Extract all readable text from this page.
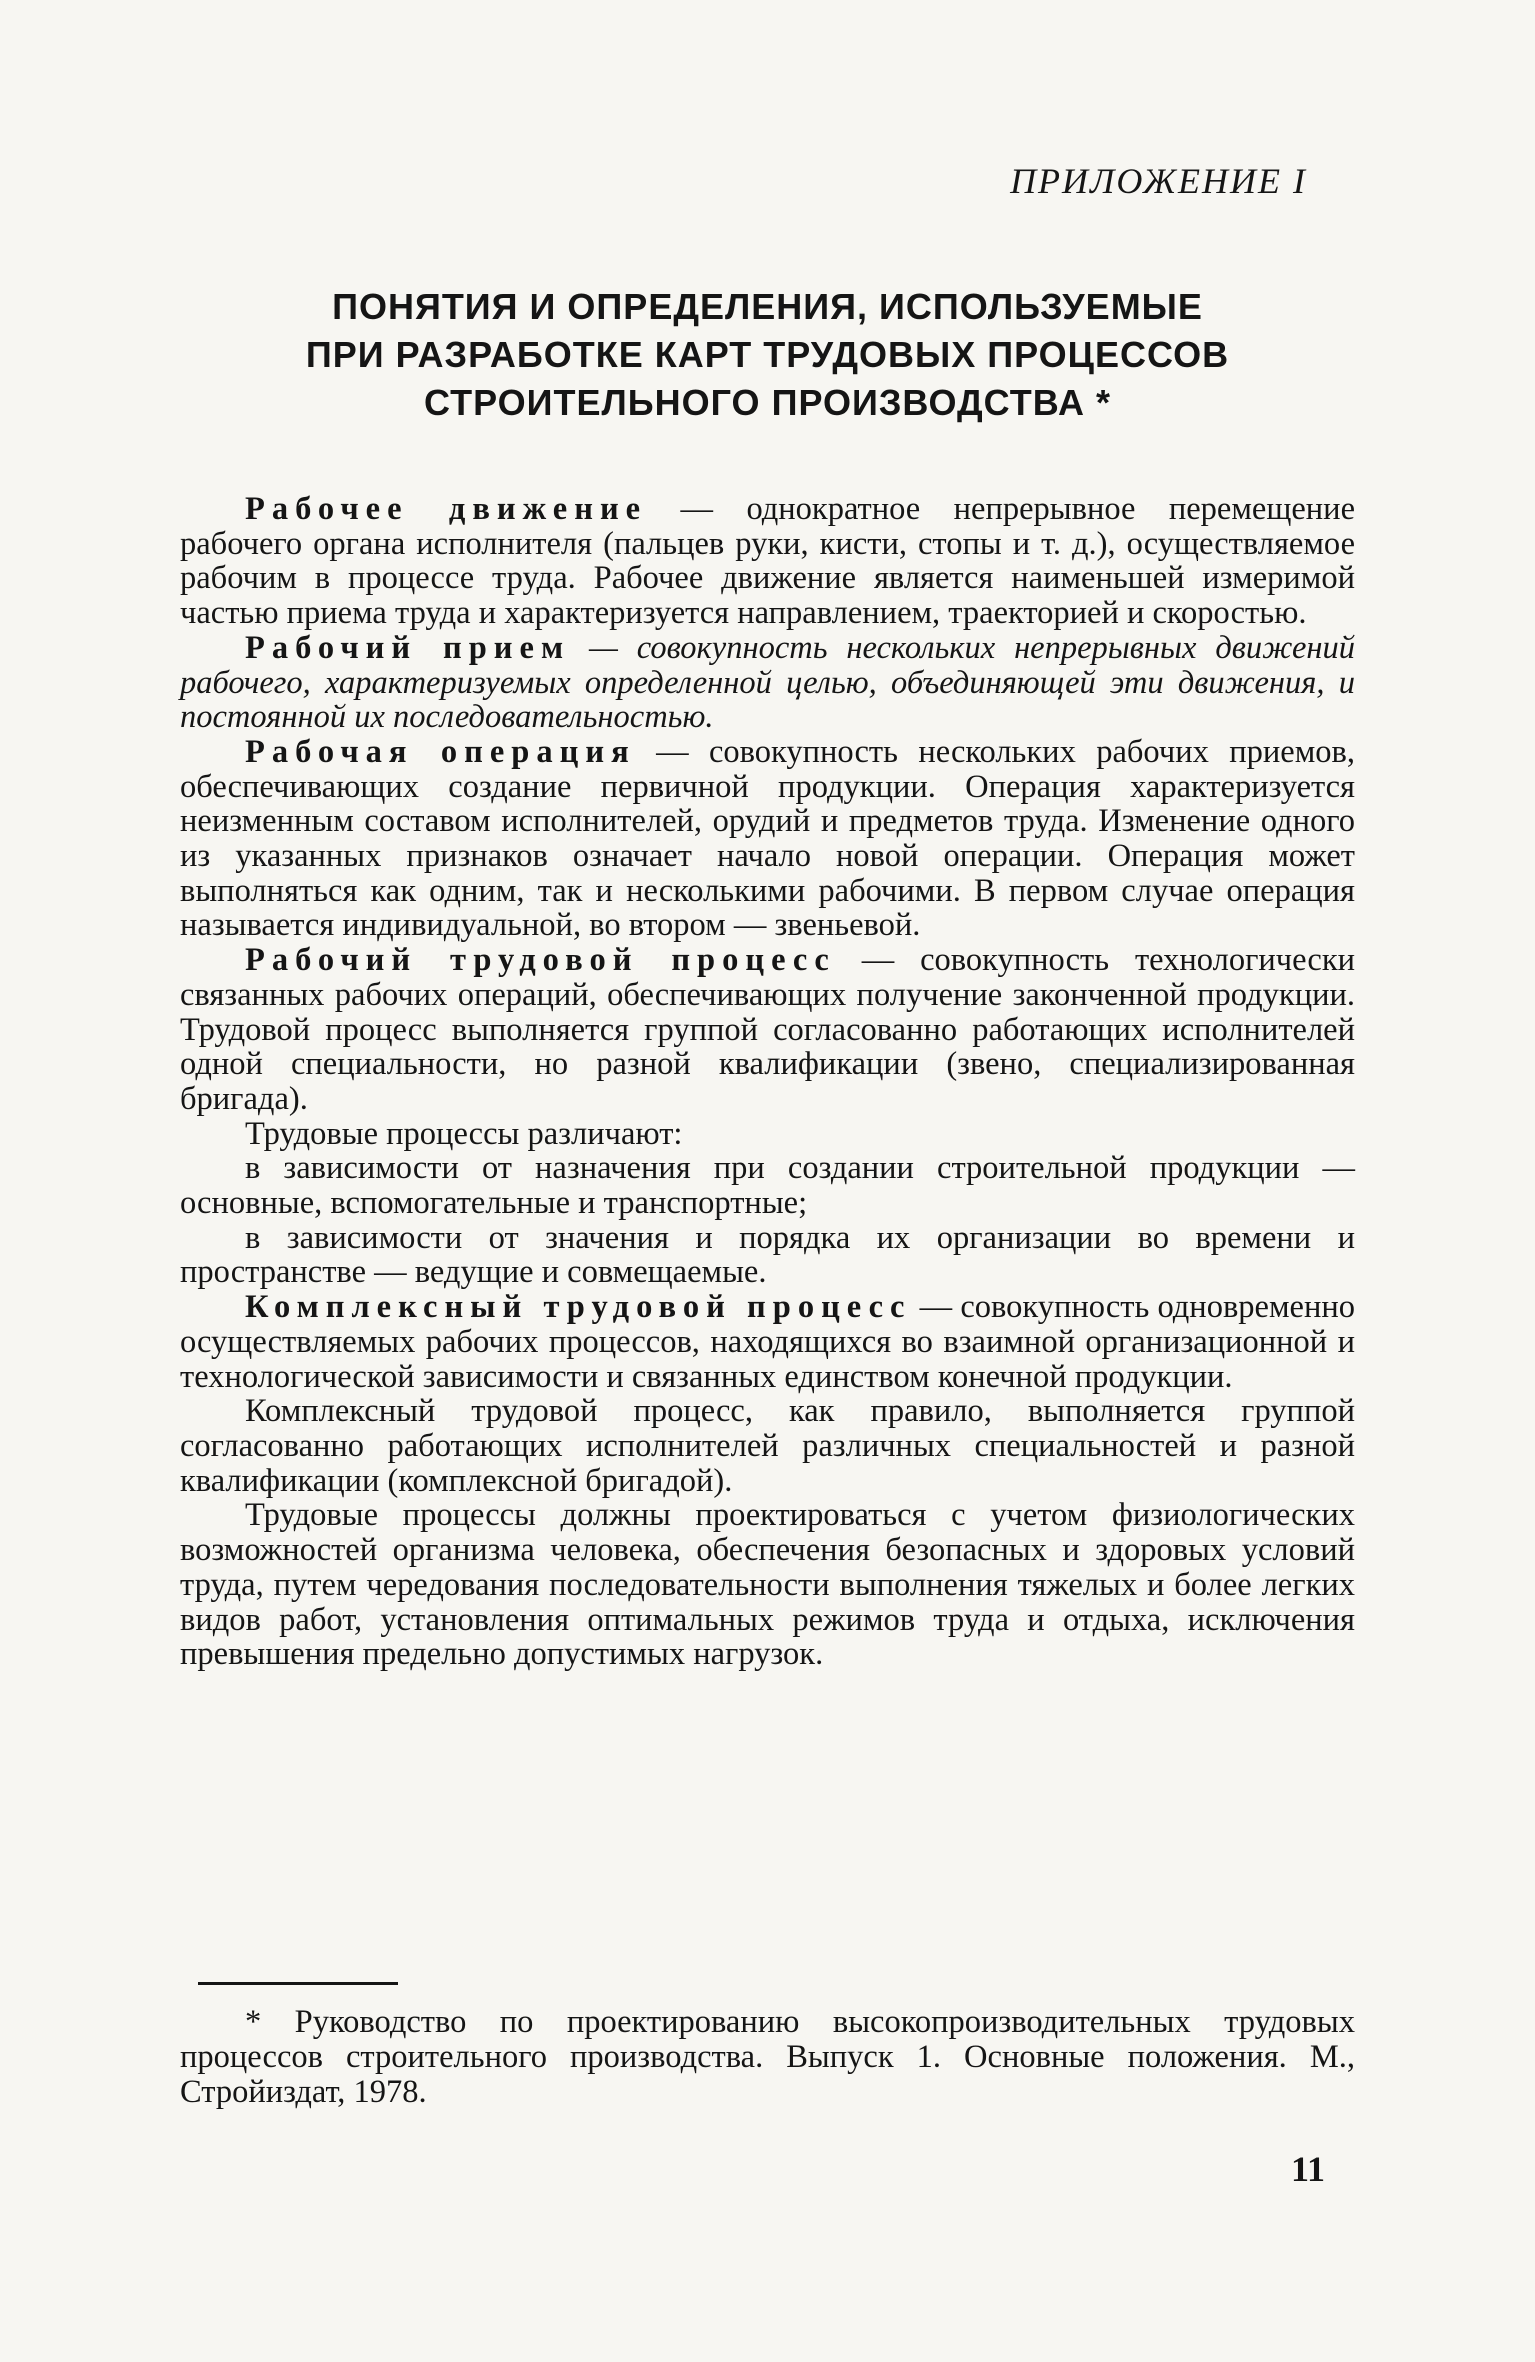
ПРИЛОЖЕНИЕ I
ПОНЯТИЯ И ОПРЕДЕЛЕНИЯ, ИСПОЛЬЗУЕМЫЕ
ПРИ РАЗРАБОТКЕ КАРТ ТРУДОВЫХ ПРОЦЕССОВ
СТРОИТЕЛЬНОГО ПРОИЗВОДСТВА *

Рабочее движение — однократное непрерывное перемещение рабочего органа исполнителя (пальцев руки, кисти, стопы и т. д.), осуществляемое рабочим в процессе труда. Рабочее движение является наименьшей измеримой частью приема труда и характеризуется направлением, траекторией и скоростью.

Рабочий прием — совокупность нескольких непрерывных движений рабочего, характеризуемых определенной целью, объединяющей эти движения, и постоянной их последовательностью.

Рабочая операция — совокупность нескольких рабочих приемов, обеспечивающих создание первичной продукции. Операция характеризуется неизменным составом исполнителей, орудий и предметов труда. Изменение одного из указанных признаков означает начало новой операции. Операция может выполняться как одним, так и несколькими рабочими. В первом случае операция называется индивидуальной, во втором — звеньевой.

Рабочий трудовой процесс — совокупность технологически связанных рабочих операций, обеспечивающих получение законченной продукции. Трудовой процесс выполняется группой согласованно работающих исполнителей одной специальности, но разной квалификации (звено, специализированная бригада).

Трудовые процессы различают:

в зависимости от назначения при создании строительной продукции — основные, вспомогательные и транспортные;

в зависимости от значения и порядка их организации во времени и пространстве — ведущие и совмещаемые.

Комплексный трудовой процесс — совокупность одновременно осуществляемых рабочих процессов, находящихся во взаимной организационной и технологической зависимости и связанных единством конечной продукции.

Комплексный трудовой процесс, как правило, выполняется группой согласованно работающих исполнителей различных специальностей и разной квалификации (комплексной бригадой).

Трудовые процессы должны проектироваться с учетом физиологических возможностей организма человека, обеспечения безопасных и здоровых условий труда, путем чередования последовательности выполнения тяжелых и более легких видов работ, установления оптимальных режимов труда и отдыха, исключения превышения предельно допустимых нагрузок.

* Руководство по проектированию высокопроизводительных трудовых процессов строительного производства. Выпуск 1. Основные положения. М., Стройиздат, 1978.

11
